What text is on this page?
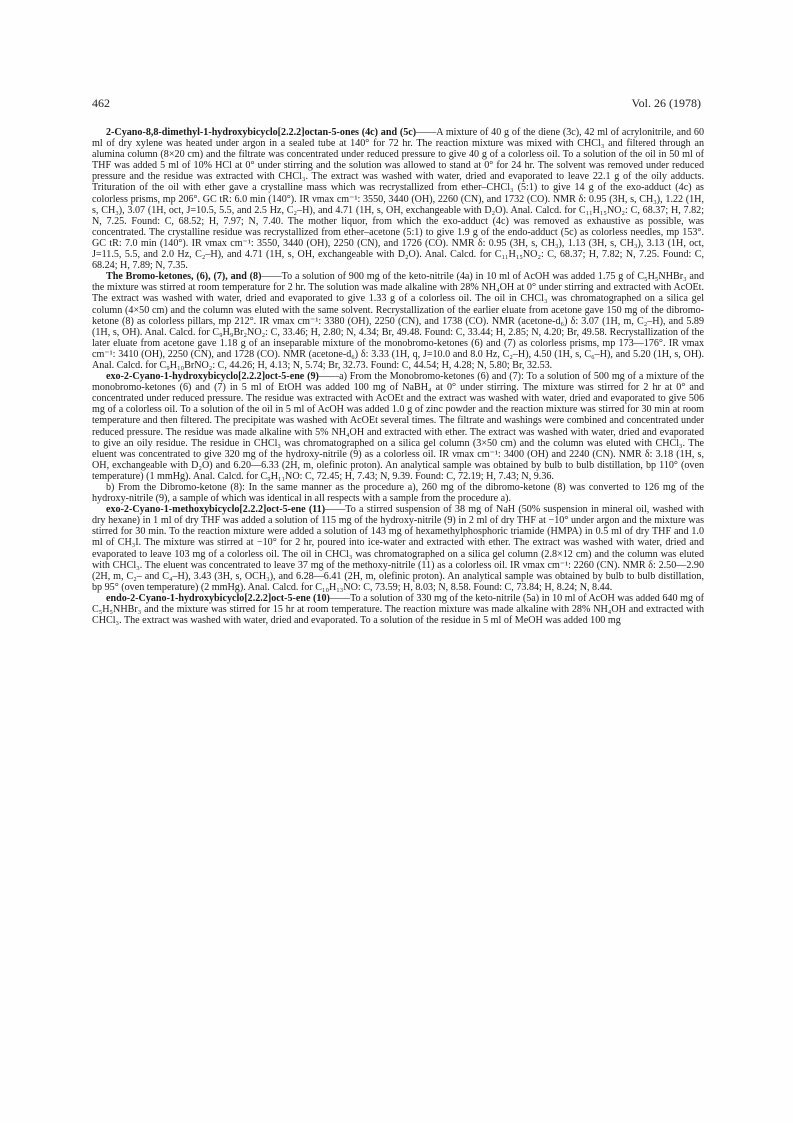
462	Vol. 26 (1978)

2-Cyano-8,8-dimethyl-1-hydroxybicyclo[2.2.2]octan-5-ones (4c) and (5c)——A mixture of 40 g of the diene (3c), 42 ml of acrylonitrile, and 60 ml of dry xylene was heated under argon in a sealed tube at 140° for 72 hr. The reaction mixture was mixed with CHCl₃ and filtered through an alumina column (8×20 cm) and the filtrate was concentrated under reduced pressure to give 40 g of a colorless oil. To a solution of the oil in 50 ml of THF was added 5 ml of 10% HCl at 0° under stirring and the solution was allowed to stand at 0° for 24 hr. The solvent was removed under reduced pressure and the residue was extracted with CHCl₃. The extract was washed with water, dried and evaporated to leave 22.1 g of the oily adducts. Trituration of the oil with ether gave a crystalline mass which was recrystallized from ether–CHCl₃ (5:1) to give 14 g of the exo-adduct (4c) as colorless prisms, mp 206°. GC tR: 6.0 min (140°). IR νmax cm⁻¹: 3550, 3440 (OH), 2260 (CN), and 1732 (CO). NMR δ: 0.95 (3H, s, CH₃), 1.22 (1H, s, CH₃), 3.07 (1H, oct, J=10.5, 5.5, and 2.5 Hz, C₂–H), and 4.71 (1H, s, OH, exchangeable with D₂O). Anal. Calcd. for C₁₁H₁₅NO₂: C, 68.37; H, 7.82; N, 7.25. Found: C, 68.52; H, 7.97; N, 7.40. The mother liquor, from which the exo-adduct (4c) was removed as exhaustive as possible, was concentrated. The crystalline residue was recrystallized from ether–acetone (5:1) to give 1.9 g of the endo-adduct (5c) as colorless needles, mp 153°. GC tR: 7.0 min (140°). IR νmax cm⁻¹: 3550, 3440 (OH), 2250 (CN), and 1726 (CO). NMR δ: 0.95 (3H, s, CH₃), 1.13 (3H, s, CH₃), 3.13 (1H, oct, J=11.5, 5.5, and 2.0 Hz, C₂–H), and 4.71 (1H, s, OH, exchangeable with D₂O). Anal. Calcd. for C₁₁H₁₅NO₂: C, 68.37; H, 7.82; N, 7.25. Found: C, 68.24; H, 7.89; N, 7.35.

The Bromo-ketones, (6), (7), and (8)——To a solution of 900 mg of the keto-nitrile (4a) in 10 ml of AcOH was added 1.75 g of C₅H₅NHBr₃ and the mixture was stirred at room temperature for 2 hr. The solution was made alkaline with 28% NH₄OH at 0° under stirring and extracted with AcOEt. The extract was washed with water, dried and evaporated to give 1.33 g of a colorless oil. The oil in CHCl₃ was chromatographed on a silica gel column (4×50 cm) and the column was eluted with the same solvent. Recrystallization of the earlier eluate from acetone gave 150 mg of the dibromo-ketone (8) as colorless pillars, mp 212°. IR νmax cm⁻¹: 3380 (OH), 2250 (CN), and 1738 (CO). NMR (acetone-d₆) δ: 3.07 (1H, m, C₂–H), and 5.89 (1H, s, OH). Anal. Calcd. for C₉H₉Br₂NO₂: C, 33.46; H, 2.80; N, 4.34; Br, 49.48. Found: C, 33.44; H, 2.85; N, 4.20; Br, 49.58. Recrystallization of the later eluate from acetone gave 1.18 g of an inseparable mixture of the monobromo-ketones (6) and (7) as colorless prisms, mp 173—176°. IR νmax cm⁻¹: 3410 (OH), 2250 (CN), and 1728 (CO). NMR (acetone-d₆) δ: 3.33 (1H, q, J=10.0 and 8.0 Hz, C₂–H), 4.50 (1H, s, C₆–H), and 5.20 (1H, s, OH). Anal. Calcd. for C₉H₁₀BrNO₂: C, 44.26; H, 4.13; N, 5.74; Br, 32.73. Found: C, 44.54; H, 4.28; N, 5.80; Br, 32.53.

exo-2-Cyano-1-hydroxybicyclo[2.2.2]oct-5-ene (9)——a) From the Monobromo-ketones (6) and (7): To a solution of 500 mg of a mixture of the monobromo-ketones (6) and (7) in 5 ml of EtOH was added 100 mg of NaBH₄ at 0° under stirring. The mixture was stirred for 2 hr at 0° and concentrated under reduced pressure. The residue was extracted with AcOEt and the extract was washed with water, dried and evaporated to give 506 mg of a colorless oil. To a solution of the oil in 5 ml of AcOH was added 1.0 g of zinc powder and the reaction mixture was stirred for 30 min at room temperature and then filtered. The precipitate was washed with AcOEt several times. The filtrate and washings were combined and concentrated under reduced pressure. The residue was made alkaline with 5% NH₄OH and extracted with ether. The extract was washed with water, dried and evaporated to give an oily residue. The residue in CHCl₃ was chromatographed on a silica gel column (3×50 cm) and the column was eluted with CHCl₃. The eluent was concentrated to give 320 mg of the hydroxy-nitrile (9) as a colorless oil. IR νmax cm⁻¹: 3400 (OH) and 2240 (CN). NMR δ: 3.18 (1H, s, OH, exchangeable with D₂O) and 6.20—6.33 (2H, m, olefinic proton). An analytical sample was obtained by bulb to bulb distillation, bp 110° (oven temperature) (1 mmHg). Anal. Calcd. for C₉H₁₁NO: C, 72.45; H, 7.43; N, 9.39. Found: C, 72.19; H, 7.43; N, 9.36.

b) From the Dibromo-ketone (8): In the same manner as the procedure a), 260 mg of the dibromo-ketone (8) was converted to 126 mg of the hydroxy-nitrile (9), a sample of which was identical in all respects with a sample from the procedure a).

exo-2-Cyano-1-methoxybicyclo[2.2.2]oct-5-ene (11)——To a stirred suspension of 38 mg of NaH (50% suspension in mineral oil, washed with dry hexane) in 1 ml of dry THF was added a solution of 115 mg of the hydroxy-nitrile (9) in 2 ml of dry THF at −10° under argon and the mixture was stirred for 30 min. To the reaction mixture were added a solution of 143 mg of hexamethylphosphoric triamide (HMPA) in 0.5 ml of dry THF and 1.0 ml of CH₃I. The mixture was stirred at −10° for 2 hr, poured into ice-water and extracted with ether. The extract was washed with water, dried and evaporated to leave 103 mg of a colorless oil. The oil in CHCl₃ was chromatographed on a silica gel column (2.8×12 cm) and the column was eluted with CHCl₃. The eluent was concentrated to leave 37 mg of the methoxy-nitrile (11) as a colorless oil. IR νmax cm⁻¹: 2260 (CN). NMR δ: 2.50—2.90 (2H, m, C₂– and C₄–H), 3.43 (3H, s, OCH₃), and 6.28—6.41 (2H, m, olefinic proton). An analytical sample was obtained by bulb to bulb distillation, bp 95° (oven temperature) (2 mmHg). Anal. Calcd. for C₁₀H₁₃NO: C, 73.59; H, 8.03; N, 8.58. Found: C, 73.84; H, 8.24; N, 8.44.

endo-2-Cyano-1-hydroxybicyclo[2.2.2]oct-5-ene (10)——To a solution of 330 mg of the keto-nitrile (5a) in 10 ml of AcOH was added 640 mg of C₅H₅NHBr₃ and the mixture was stirred for 15 hr at room temperature. The reaction mixture was made alkaline with 28% NH₄OH and extracted with CHCl₃. The extract was washed with water, dried and evaporated. To a solution of the residue in 5 ml of MeOH was added 100 mg
